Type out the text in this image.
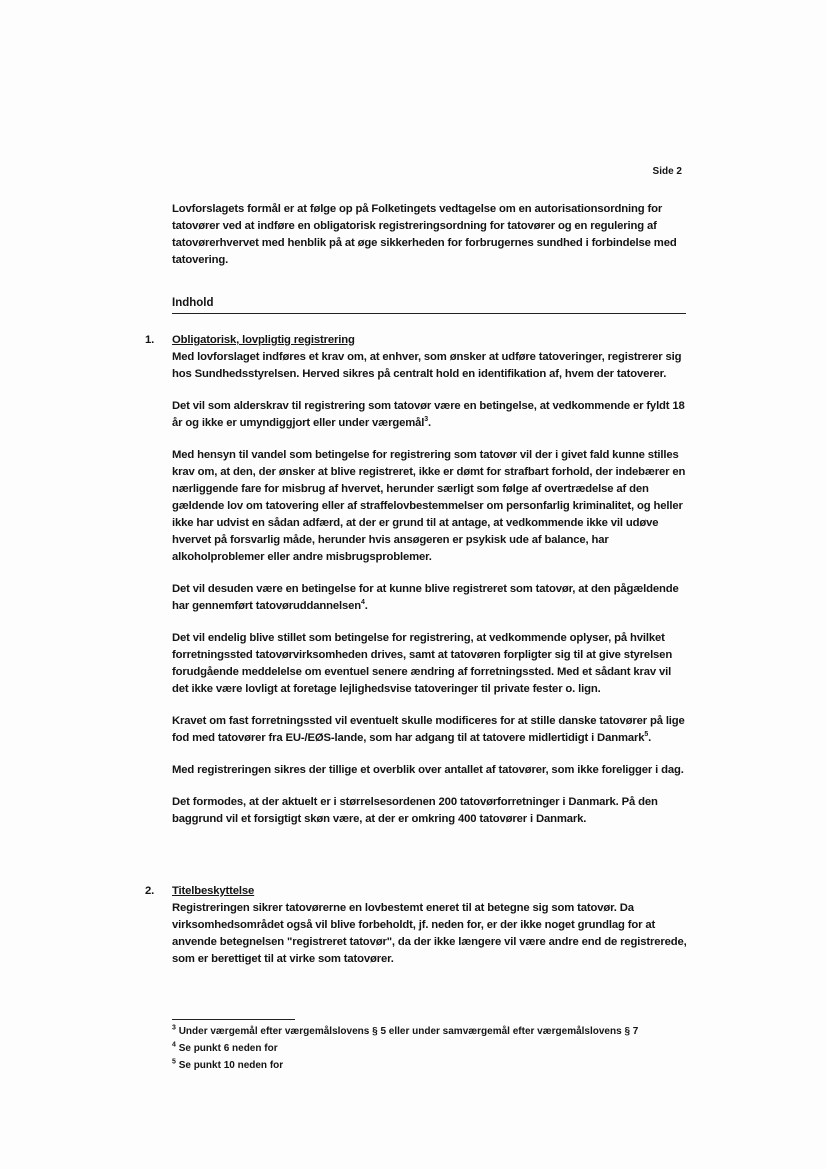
Side 2

Lovforslagets formål er at følge op på Folketingets vedtagelse om en autorisationsordning for tatovører ved at indføre en obligatorisk registreringsordning for tatovører og en regulering af tatovørerhvervet med henblik på at øge sikkerheden for forbrugernes sundhed i forbindelse med tatovering.

Indhold
1. Obligatorisk, lovpligtig registrering

Med lovforslaget indføres et krav om, at enhver, som ønsker at udføre tatoveringer, registrerer sig hos Sundhedsstyrelsen. Herved sikres på centralt hold en identifikation af, hvem der tatoverer.

Det vil som alderskrav til registrering som tatovør være en betingelse, at vedkommende er fyldt 18 år og ikke er umyndiggjort eller under værgemål$^3$.

Med hensyn til vandel som betingelse for registrering som tatovør vil der i givet fald kunne stilles krav om, at den, der ønsker at blive registreret, ikke er dømt for strafbart forhold, der indebærer en nærliggende fare for misbrug af hvervet, herunder særligt som følge af overtrædelse af den gældende lov om tatovering eller af straffelovbestemmelser om personfarlig kriminalitet, og heller ikke har udvist en sådan adfærd, at der er grund til at antage, at vedkommende ikke vil udøve hvervet på forsvarlig måde, herunder hvis ansøgeren er psykisk ude af balance, har alkoholproblemer eller andre misbrugsproblemer.

Det vil desuden være en betingelse for at kunne blive registreret som tatovør, at den pågældende har gennemført tatovøruddannelsen$^4$.

Det vil endelig blive stillet som betingelse for registrering, at vedkommende oplyser, på hvilket forretningssted tatovørvirksomheden drives, samt at tatovøren forpligter sig til at give styrelsen forudgående meddelelse om eventuel senere ændring af forretningssted. Med et sådant krav vil det ikke være lovligt at foretage lejlighedsvise tatoveringer til private fester o. lign.

Kravet om fast forretningssted vil eventuelt skulle modificeres for at stille danske tatovører på lige fod med tatovører fra EU-/EØS-lande, som har adgang til at tatovere midlertidigt i Danmark$^5$.

Med registreringen sikres der tillige et overblik over antallet af tatovører, som ikke foreligger i dag.

Det formodes, at der aktuelt er i størrelsesordenen 200 tatovørforretninger i Danmark. På den baggrund vil et forsigtigt skøn være, at der er omkring 400 tatovører i Danmark.

2. Titelbeskyttelse

Registreringen sikrer tatovørerne en lovbestemt eneret til at betegne sig som tatovør. Da virksomhedsområdet også vil blive forbeholdt, jf. neden for, er der ikke noget grundlag for at anvende betegnelsen "registreret tatovør", da der ikke længere vil være andre end de registrerede, som er berettiget til at virke som tatovører.

$^3$ Under værgemål efter værgemålslovens § 5 eller under samværgemål efter værgemålslovens § 7

$^4$ Se punkt 6 neden for

$^5$ Se punkt 10 neden for
